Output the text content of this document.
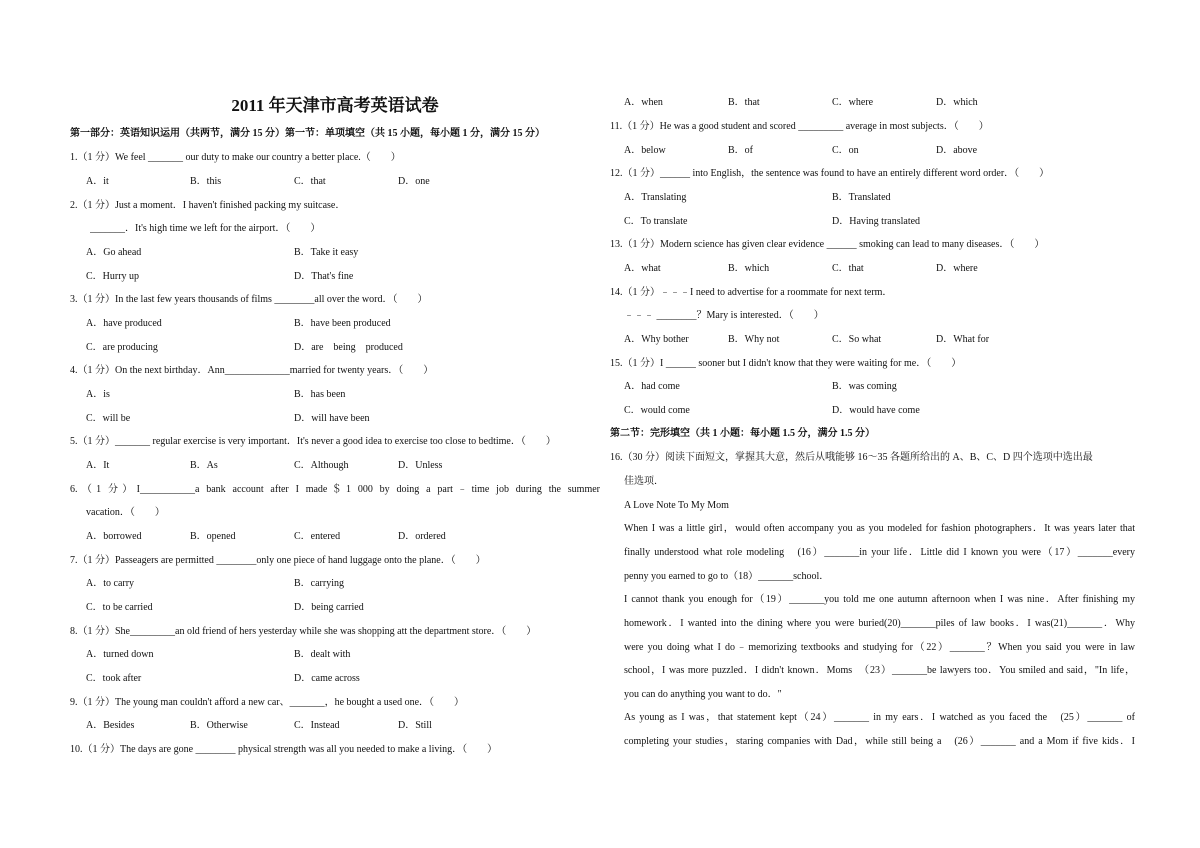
2011 年天津市高考英语试卷
第一部分：英语知识运用（共两节，满分 15 分）第一节：单项填空（共 15 小题，每小题 1 分，满分 15 分）
1.（1 分）We feel _______ our duty to make our country a better place.（　　）
A．it	B．this	C．that	D．one
2.（1 分）Just a moment．I haven't finished packing my suitcase．
_______．It's high time we left for the airport．（　　）
A．Go ahead	B．Take it easy
C．Hurry up	D．That's fine
3.（1 分）In the last few years thousands of films ________all over the word．（　　）
A．have produced	B．have been produced
C．are producing	D．are　being　produced
4.（1 分）On the next birthday．Ann_____________married for twenty years．（　　）
A．is	B．has been
C．will be	D．will have been
5.（1 分）_______ regular exercise is very important．It's never a good idea to exercise too close to bedtime．（　　）
A．It	B．As	C．Although	D．Unless
6.（1 分）I___________a bank account after I made＄1 000 by doing a part﹣time job during the summer
vacation．（　　）
A．borrowed	B．opened	C．entered	D．ordered
7.（1 分）Passeagers are permitted ________only one piece of hand luggage onto the plane．（　　）
A．to carry	B．carrying
C．to be carried	D．being carried
8.（1 分）She_________an old friend of hers yesterday while she was shopping att the department store．（　　）
A．turned down	B．dealt with
C．took after	D．came across
9.（1 分）The young man couldn't afford a new car、_______，he bought a used one．（　　）
A．Besides	B．Otherwise	C．Instead	D．Still
10.（1 分）The days are gone ________ physical strength was all you needed to make a living．（　　）
A．when	B．that	C．where	D．which
11.（1 分）He was a good student and scored _________ average in most subjects．（　　）
A．below	B．of	C．on	D．above
12.（1 分）______ into English，the sentence was found to have an entirely different word order．（　　）
A．Translating	B．Translated
C．To translate	D．Having translated
13.（1 分）Modern science has given clear evidence ______ smoking can lead to many diseases．（　　）
A．what	B．which	C．that	D．where
14.（1 分）﹣﹣﹣I need to advertise for a roommate for next term．
﹣﹣﹣ ________？Mary is interested．（　　）
A．Why bother	B．Why not	C．So what	D．What for
15.（1 分）I ______ sooner but I didn't know that they were waiting for me．（　　）
A．had come	B．was coming
C．would come	D．would have come
第二节：完形填空（共 1 小题：每小题 1.5 分，满分 1.5 分）
16.（30 分）阅读下面短文，掌握其大意，然后从哦能够 16～35 各题所给出的 A、B、C、D 四个选项中选出最
佳选项．
A Love Note To My Mom
When I was a little girl，would often accompany you as you modeled for fashion photographers．It was years later that
finally understood what role modeling　(16）_______in your life．Little did I known you were（17）_______every
penny you earned to go to（18）_______school．
I cannot thank you enough for（19）_______you told me one autumn afternoon when I was nine．After finishing my
homework．I wanted into the dining where you were buried(20)_______piles of law books．I was(21)_______．Why
were you doing what I do﹣memorizing textbooks and studying for（22）_______？When you said you were in law
school，I was more puzzled．I didn't known．Moms　（23）_______be lawyers too．You smiled and said，"In life，
you can do anything you want to do．"
As young as I was，that statement kept（24）_______ in my ears．I watched as you faced the　(25）_______ of
completing your studies，staring companies with Dad，while still being a　(26）_______ and a Mom if five kids．I
